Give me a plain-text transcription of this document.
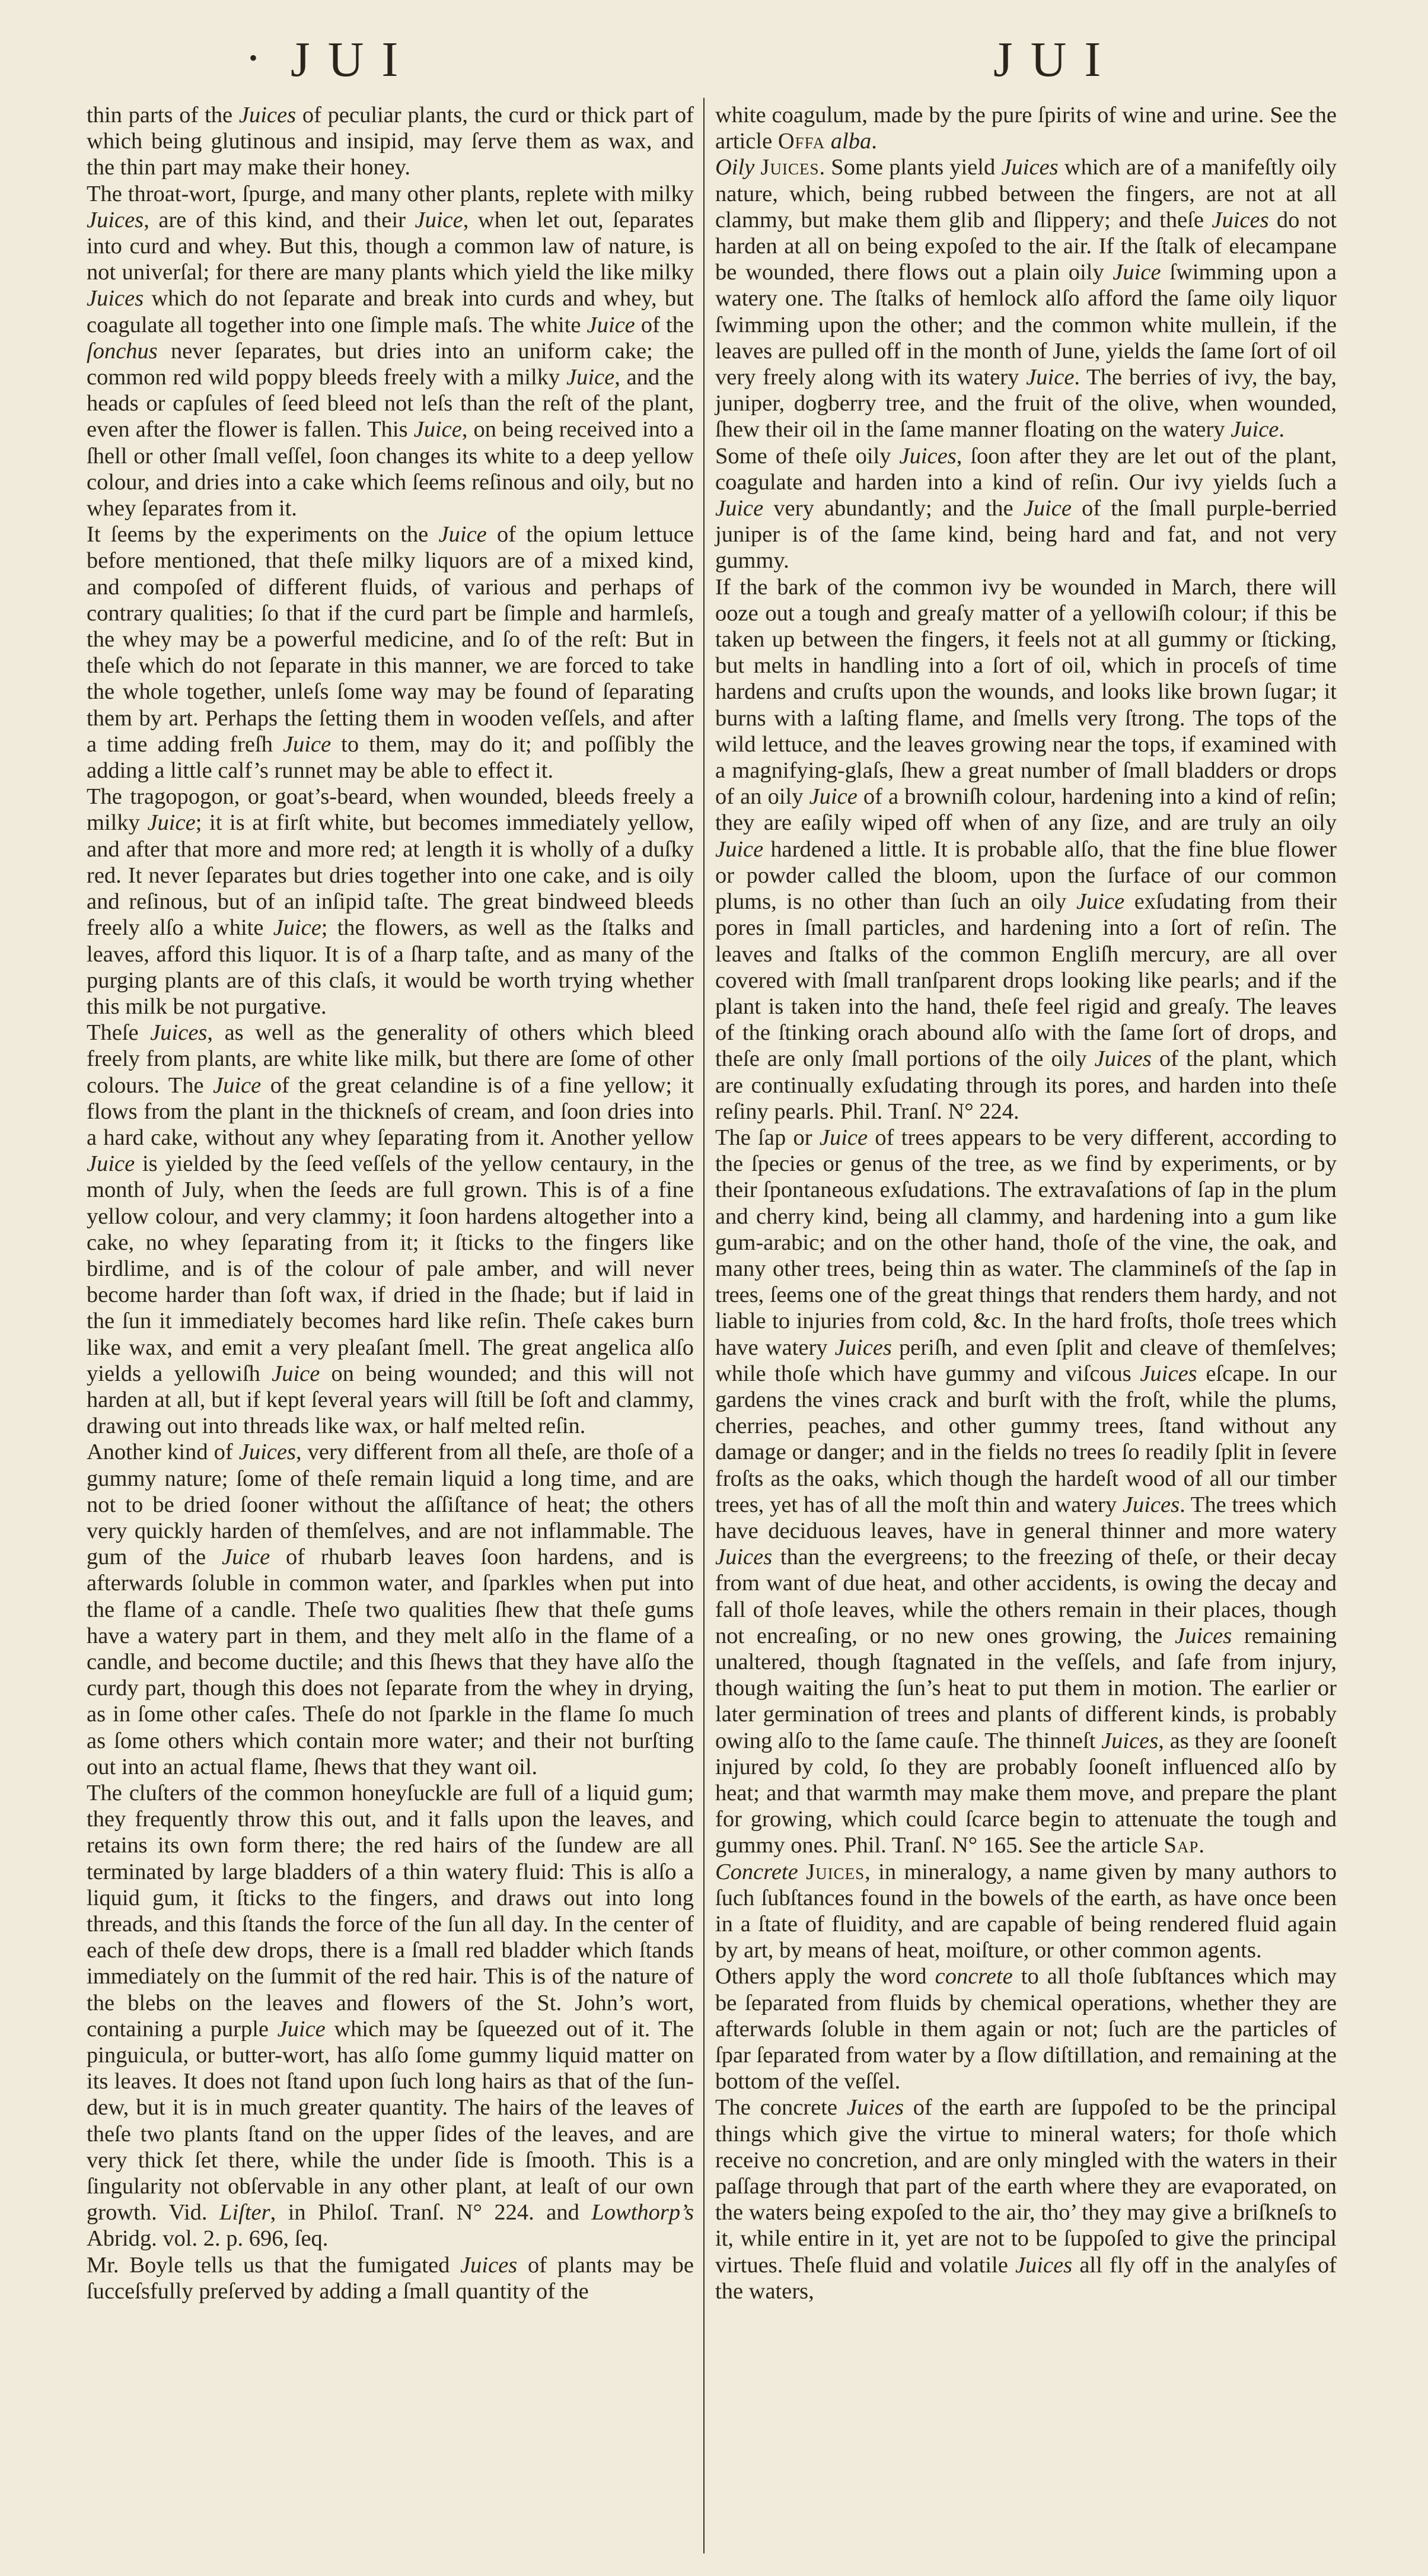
• JUI	JUI

thin parts of the Juices of peculiar plants, the curd or thick part of which being glutinous and insipid, may ſerve them as wax, and the thin part may make their honey.

The throat-wort, ſpurge, and many other plants, replete with milky Juices, are of this kind, and their Juice, when let out, ſeparates into curd and whey. But this, though a common law of nature, is not univerſal; for there are many plants which yield the like milky Juices which do not ſeparate and break into curds and whey, but coagulate all together into one ſimple maſs. The white Juice of the ſonchus never ſeparates, but dries into an uniform cake; the common red wild poppy bleeds freely with a milky Juice, and the heads or capſules of ſeed bleed not leſs than the reſt of the plant, even after the flower is fallen. This Juice, on being received into a ſhell or other ſmall veſſel, ſoon changes its white to a deep yellow colour, and dries into a cake which ſeems reſinous and oily, but no whey ſeparates from it.

It ſeems by the experiments on the Juice of the opium lettuce before mentioned, that theſe milky liquors are of a mixed kind, and compoſed of different fluids, of various and perhaps of contrary qualities; ſo that if the curd part be ſimple and harmleſs, the whey may be a powerful medicine, and ſo of the reſt: But in theſe which do not ſeparate in this manner, we are forced to take the whole together, unleſs ſome way may be found of ſeparating them by art. Perhaps the ſetting them in wooden veſſels, and after a time adding freſh Juice to them, may do it; and poſſibly the adding a little calf’s runnet may be able to effect it.

The tragopogon, or goat’s-beard, when wounded, bleeds freely a milky Juice; it is at firſt white, but becomes immediately yellow, and after that more and more red; at length it is wholly of a duſky red. It never ſeparates but dries together into one cake, and is oily and reſinous, but of an inſipid taſte. The great bindweed bleeds freely alſo a white Juice; the flowers, as well as the ſtalks and leaves, afford this liquor. It is of a ſharp taſte, and as many of the purging plants are of this claſs, it would be worth trying whether this milk be not purgative.

Theſe Juices, as well as the generality of others which bleed freely from plants, are white like milk, but there are ſome of other colours. The Juice of the great celandine is of a fine yellow; it flows from the plant in the thickneſs of cream, and ſoon dries into a hard cake, without any whey ſeparating from it. Another yellow Juice is yielded by the ſeed veſſels of the yellow centaury, in the month of July, when the ſeeds are full grown. This is of a fine yellow colour, and very clammy; it ſoon hardens altogether into a cake, no whey ſeparating from it; it ſticks to the fingers like birdlime, and is of the colour of pale amber, and will never become harder than ſoft wax, if dried in the ſhade; but if laid in the ſun it immediately becomes hard like reſin. Theſe cakes burn like wax, and emit a very pleaſant ſmell. The great angelica alſo yields a yellowiſh Juice on being wounded; and this will not harden at all, but if kept ſeveral years will ſtill be ſoft and clammy, drawing out into threads like wax, or half melted reſin.

Another kind of Juices, very different from all theſe, are thoſe of a gummy nature; ſome of theſe remain liquid a long time, and are not to be dried ſooner without the aſſiſtance of heat; the others very quickly harden of themſelves, and are not inflammable. The gum of the Juice of rhubarb leaves ſoon hardens, and is afterwards ſoluble in common water, and ſparkles when put into the flame of a candle. Theſe two qualities ſhew that theſe gums have a watery part in them, and they melt alſo in the flame of a candle, and become ductile; and this ſhews that they have alſo the curdy part, though this does not ſeparate from the whey in drying, as in ſome other caſes. Theſe do not ſparkle in the flame ſo much as ſome others which contain more water; and their not burſting out into an actual flame, ſhews that they want oil.

The cluſters of the common honeyſuckle are full of a liquid gum; they frequently throw this out, and it falls upon the leaves, and retains its own form there; the red hairs of the ſundew are all terminated by large bladders of a thin watery fluid: This is alſo a liquid gum, it ſticks to the fingers, and draws out into long threads, and this ſtands the force of the ſun all day. In the center of each of theſe dew drops, there is a ſmall red bladder which ſtands immediately on the ſummit of the red hair. This is of the nature of the blebs on the leaves and flowers of the St. John’s wort, containing a purple Juice which may be ſqueezed out of it. The pinguicula, or butter-wort, has alſo ſome gummy liquid matter on its leaves. It does not ſtand upon ſuch long hairs as that of the ſun-dew, but it is in much greater quantity. The hairs of the leaves of theſe two plants ſtand on the upper ſides of the leaves, and are very thick ſet there, while the under ſide is ſmooth. This is a ſingularity not obſervable in any other plant, at leaſt of our own growth. Vid. Liſter, in Philoſ. Tranſ. N° 224. and Lowthorp’s Abridg. vol. 2. p. 696, ſeq.

Mr. Boyle tells us that the fumigated Juices of plants may be ſucceſsfully preſerved by adding a ſmall quantity of the

white coagulum, made by the pure ſpirits of wine and urine. See the article Offa alba.

Oily Juices. Some plants yield Juices which are of a manifeſtly oily nature, which, being rubbed between the fingers, are not at all clammy, but make them glib and ſlippery; and theſe Juices do not harden at all on being expoſed to the air. If the ſtalk of elecampane be wounded, there flows out a plain oily Juice ſwimming upon a watery one. The ſtalks of hemlock alſo afford the ſame oily liquor ſwimming upon the other; and the common white mullein, if the leaves are pulled off in the month of June, yields the ſame ſort of oil very freely along with its watery Juice. The berries of ivy, the bay, juniper, dogberry tree, and the fruit of the olive, when wounded, ſhew their oil in the ſame manner floating on the watery Juice.

Some of theſe oily Juices, ſoon after they are let out of the plant, coagulate and harden into a kind of reſin. Our ivy yields ſuch a Juice very abundantly; and the Juice of the ſmall purple-berried juniper is of the ſame kind, being hard and fat, and not very gummy.

If the bark of the common ivy be wounded in March, there will ooze out a tough and greaſy matter of a yellowiſh colour; if this be taken up between the fingers, it feels not at all gummy or ſticking, but melts in handling into a ſort of oil, which in proceſs of time hardens and cruſts upon the wounds, and looks like brown ſugar; it burns with a laſting flame, and ſmells very ſtrong. The tops of the wild lettuce, and the leaves growing near the tops, if examined with a magnifying-glaſs, ſhew a great number of ſmall bladders or drops of an oily Juice of a browniſh colour, hardening into a kind of reſin; they are eaſily wiped off when of any ſize, and are truly an oily Juice hardened a little. It is probable alſo, that the fine blue flower or powder called the bloom, upon the ſurface of our common plums, is no other than ſuch an oily Juice exſudating from their pores in ſmall particles, and hardening into a ſort of reſin. The leaves and ſtalks of the common Engliſh mercury, are all over covered with ſmall tranſparent drops looking like pearls; and if the plant is taken into the hand, theſe feel rigid and greaſy. The leaves of the ſtinking orach abound alſo with the ſame ſort of drops, and theſe are only ſmall portions of the oily Juices of the plant, which are continually exſudating through its pores, and harden into theſe reſiny pearls. Phil. Tranſ. N° 224.

The ſap or Juice of trees appears to be very different, according to the ſpecies or genus of the tree, as we find by experiments, or by their ſpontaneous exſudations. The extravaſations of ſap in the plum and cherry kind, being all clammy, and hardening into a gum like gum-arabic; and on the other hand, thoſe of the vine, the oak, and many other trees, being thin as water. The clammineſs of the ſap in trees, ſeems one of the great things that renders them hardy, and not liable to injuries from cold, &c. In the hard froſts, thoſe trees which have watery Juices periſh, and even ſplit and cleave of themſelves; while thoſe which have gummy and viſcous Juices eſcape. In our gardens the vines crack and burſt with the froſt, while the plums, cherries, peaches, and other gummy trees, ſtand without any damage or danger; and in the fields no trees ſo readily ſplit in ſevere froſts as the oaks, which though the hardeſt wood of all our timber trees, yet has of all the moſt thin and watery Juices. The trees which have deciduous leaves, have in general thinner and more watery Juices than the evergreens; to the freezing of theſe, or their decay from want of due heat, and other accidents, is owing the decay and fall of thoſe leaves, while the others remain in their places, though not encreaſing, or no new ones growing, the Juices remaining unaltered, though ſtagnated in the veſſels, and ſafe from injury, though waiting the ſun’s heat to put them in motion. The earlier or later germination of trees and plants of different kinds, is probably owing alſo to the ſame cauſe. The thinneſt Juices, as they are ſooneſt injured by cold, ſo they are probably ſooneſt influenced alſo by heat; and that warmth may make them move, and prepare the plant for growing, which could ſcarce begin to attenuate the tough and gummy ones. Phil. Tranſ. N° 165. See the article Sap.

Concrete Juices, in mineralogy, a name given by many authors to ſuch ſubſtances found in the bowels of the earth, as have once been in a ſtate of fluidity, and are capable of being rendered fluid again by art, by means of heat, moiſture, or other common agents.

Others apply the word concrete to all thoſe ſubſtances which may be ſeparated from fluids by chemical operations, whether they are afterwards ſoluble in them again or not; ſuch are the particles of ſpar ſeparated from water by a ſlow diſtillation, and remaining at the bottom of the veſſel.

The concrete Juices of the earth are ſuppoſed to be the principal things which give the virtue to mineral waters; for thoſe which receive no concretion, and are only mingled with the waters in their paſſage through that part of the earth where they are evaporated, on the waters being expoſed to the air, tho’ they may give a briſkneſs to it, while entire in it, yet are not to be ſuppoſed to give the principal virtues. Theſe fluid and volatile Juices all fly off in the analyſes of the waters,
